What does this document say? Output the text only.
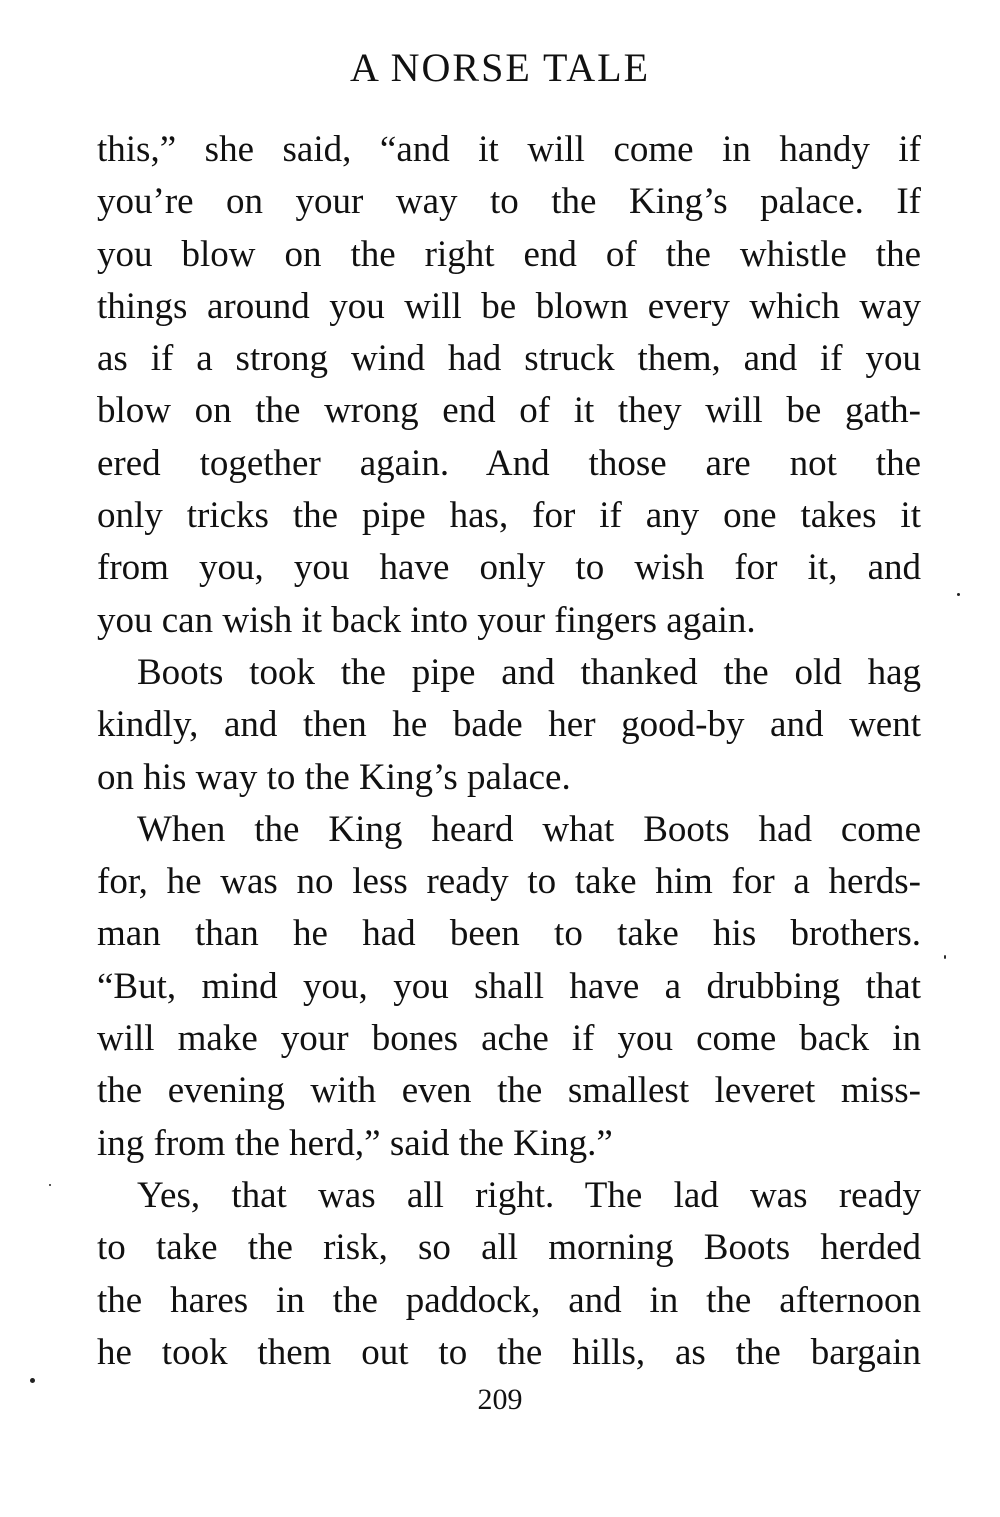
A NORSE TALE
this,” she said, “and it will come in handy if
you’re on your way to the King’s palace. If
you blow on the right end of the whistle the
things around you will be blown every which way
as if a strong wind had struck them, and if you
blow on the wrong end of it they will be gath-
ered together again. And those are not the
only tricks the pipe has, for if any one takes it
from you, you have only to wish for it, and
you can wish it back into your fingers again.
Boots took the pipe and thanked the old hag
kindly, and then he bade her good-by and went
on his way to the King’s palace.
When the King heard what Boots had come
for, he was no less ready to take him for a herds-
man than he had been to take his brothers.
“But, mind you, you shall have a drubbing that
will make your bones ache if you come back in
the evening with even the smallest leveret miss-
ing from the herd,” said the King.”
Yes, that was all right. The lad was ready
to take the risk, so all morning Boots herded
the hares in the paddock, and in the afternoon
he took them out to the hills, as the bargain
209
